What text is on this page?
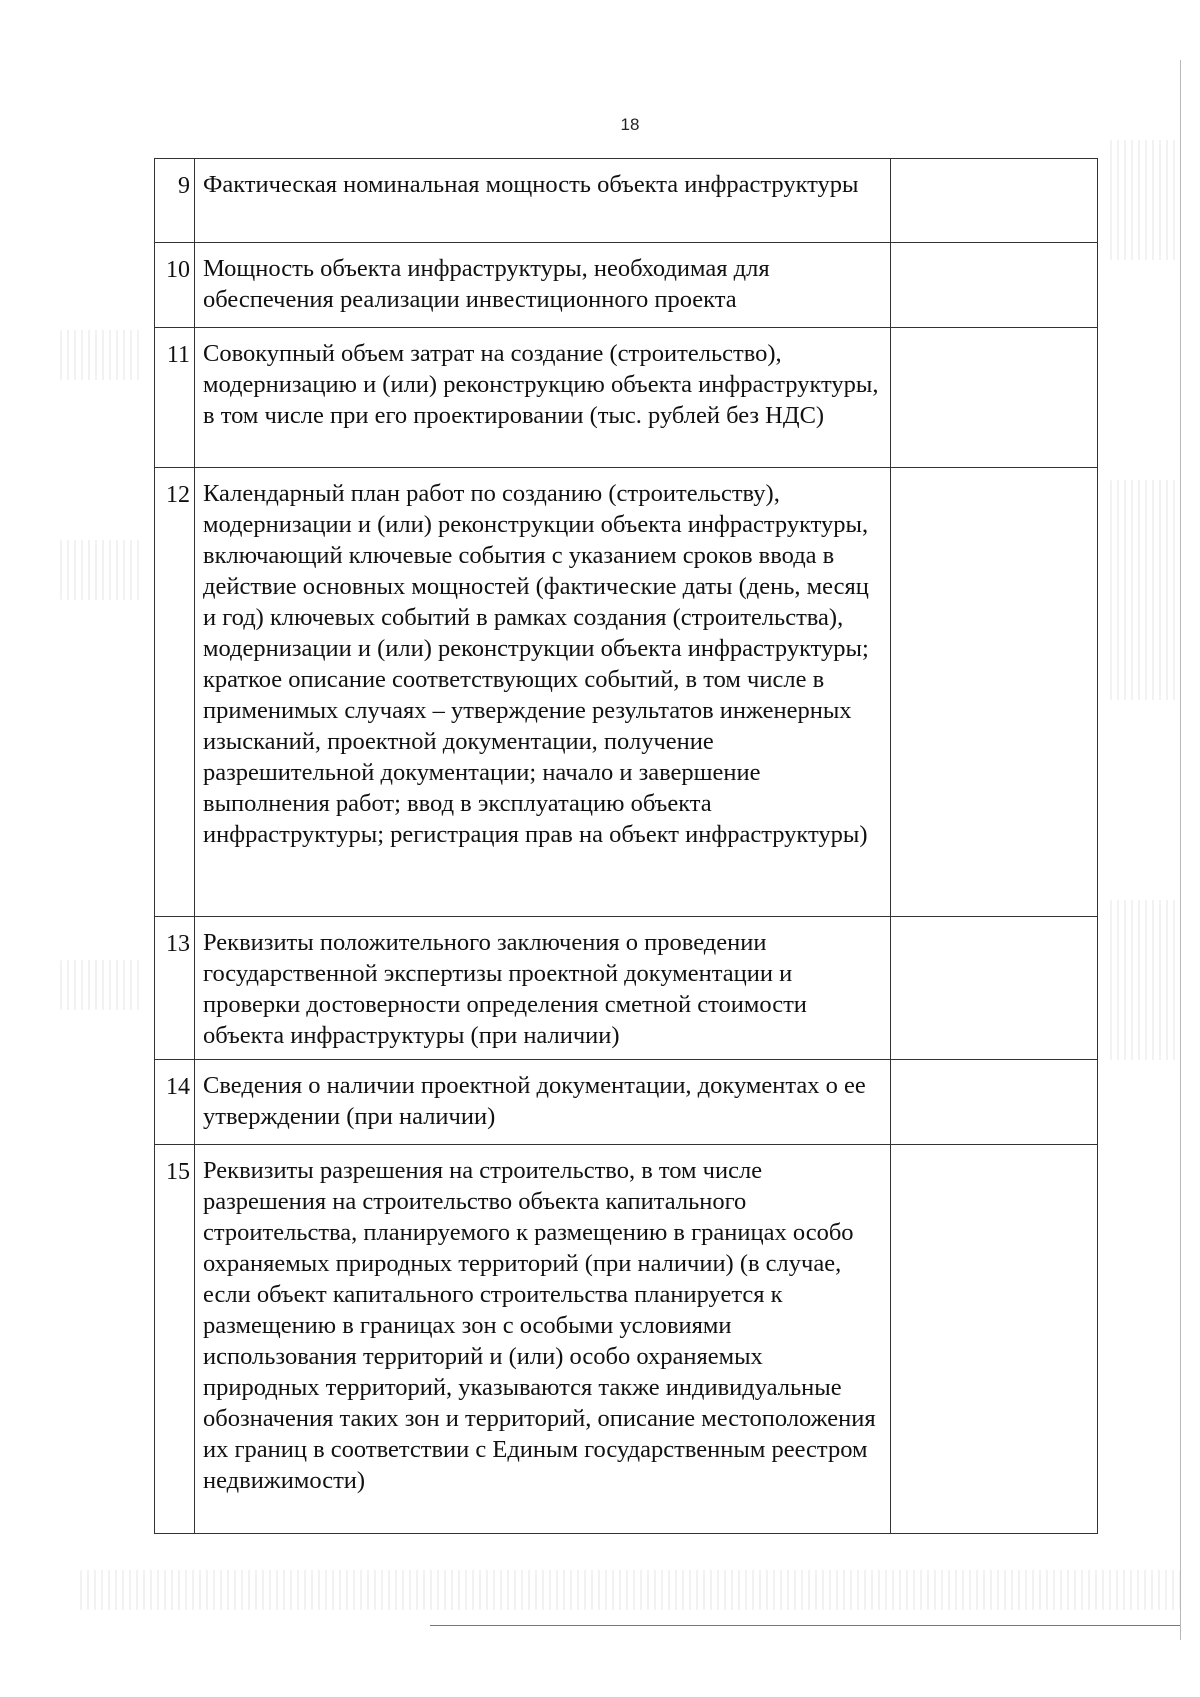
18
9	Фактическая номинальная мощность объекта инфраструктуры	
10	Мощность объекта инфраструктуры, необходимая для обеспечения реализации инвестиционного проекта	
11	Совокупный объем затрат на создание (строительство), модернизацию и (или) реконструкцию объекта инфраструктуры, в том числе при его проектировании (тыс. рублей без НДС)	
12	Календарный план работ по созданию (строительству), модернизации и (или) реконструкции объекта инфраструктуры, включающий ключевые события с указанием сроков ввода в действие основных мощностей (фактические даты (день, месяц и год) ключевых событий в рамках создания (строительства), модернизации и (или) реконструкции объекта инфраструктуры; краткое описание соответствующих событий, в том числе в применимых случаях – утверждение результатов инженерных изысканий, проектной документации, получение разрешительной документации; начало и завершение выполнения работ; ввод в эксплуатацию объекта инфраструктуры; регистрация прав на объект инфраструктуры)	
13	Реквизиты положительного заключения о проведении государственной экспертизы проектной документации и проверки достоверности определения сметной стоимости объекта инфраструктуры (при наличии)	
14	Сведения о наличии проектной документации, документах о ее утверждении (при наличии)	
15	Реквизиты разрешения на строительство, в том числе разрешения на строительство объекта капитального строительства, планируемого к размещению в границах особо охраняемых природных территорий (при наличии) (в случае, если объект капитального строительства планируется к размещению в границах зон с особыми условиями использования территорий и (или) особо охраняемых природных территорий, указываются также индивидуальные обозначения таких зон и территорий, описание местоположения их границ в соответствии с Единым государственным реестром недвижимости)	
